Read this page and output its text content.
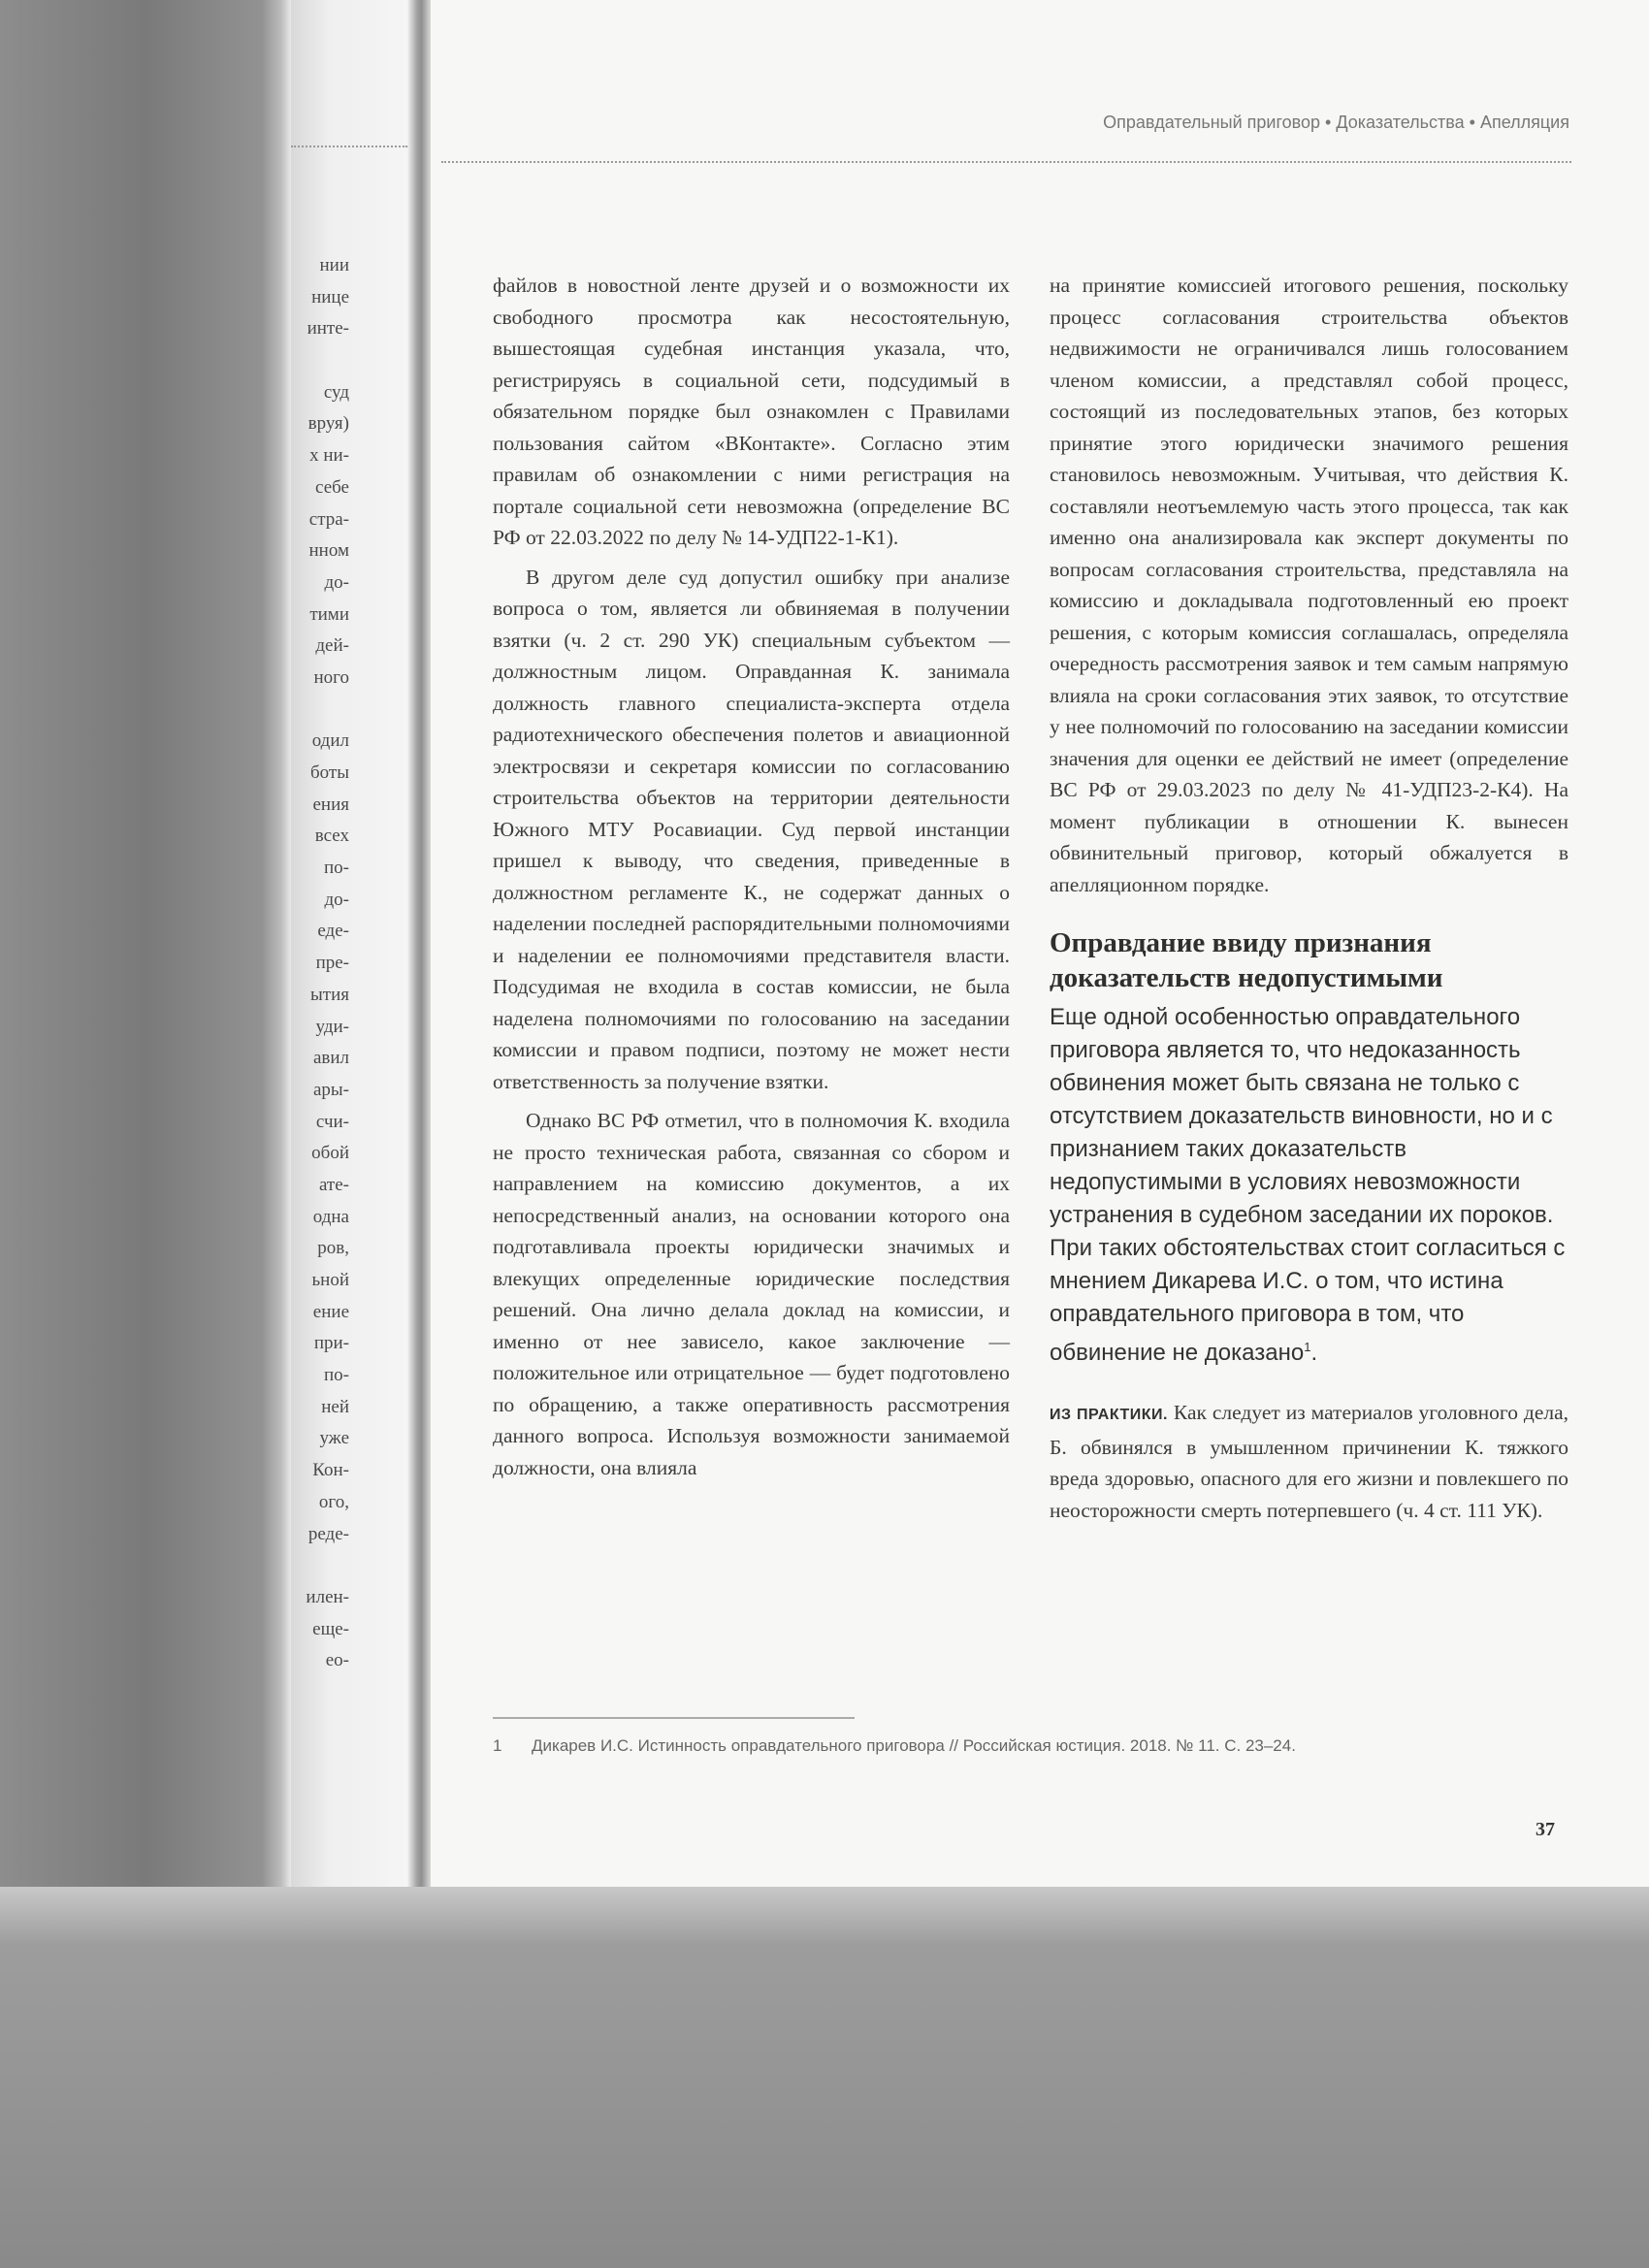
нии
нице
инте-
суд
вруя)
х ни-
себе
стра-
нном
до-
тими
дей-
ного
одил
боты
ения
всех
по-
до-
еде-
пре-
ытия
уди-
авил
ары-
счи-
обой
ате-
одна
ров,
ьной
ение
при-
по-
ней
уже
Кон-
ого,
реде-
илен-
еще-
ео-
Оправдательный приговор • Доказательства • Апелляция

файлов в новостной ленте друзей и о возможности их свободного просмотра как несостоятельную, вышестоящая судебная инстанция указала, что, регистрируясь в социальной сети, подсудимый в обязательном порядке был ознакомлен с Правилами пользования сайтом «ВКонтакте». Согласно этим правилам об ознакомлении с ними регистрация на портале социальной сети невозможна (определение ВС РФ от 22.03.2022 по делу № 14-УДП22-1-К1).

В другом деле суд допустил ошибку при анализе вопроса о том, является ли обвиняемая в получении взятки (ч. 2 ст. 290 УК) специальным субъектом — должностным лицом. Оправданная К. занимала должность главного специалиста-эксперта отдела радиотехнического обеспечения полетов и авиационной электросвязи и секретаря комиссии по согласованию строительства объектов на территории деятельности Южного МТУ Росавиации. Суд первой инстанции пришел к выводу, что сведения, приведенные в должностном регламенте К., не содержат данных о наделении последней распорядительными полномочиями и наделении ее полномочиями представителя власти. Подсудимая не входила в состав комиссии, не была наделена полномочиями по голосованию на заседании комиссии и правом подписи, поэтому не может нести ответственность за получение взятки.

Однако ВС РФ отметил, что в полномочия К. входила не просто техническая работа, связанная со сбором и направлением на комиссию документов, а их непосредственный анализ, на основании которого она подготавливала проекты юридически значимых и влекущих определенные юридические последствия решений. Она лично делала доклад на комиссии, и именно от нее зависело, какое заключение — положительное или отрицательное — будет подготовлено по обращению, а также оперативность рассмотрения данного вопроса. Используя возможности занимаемой должности, она влияла

на принятие комиссией итогового решения, поскольку процесс согласования строительства объектов недвижимости не ограничивался лишь голосованием членом комиссии, а представлял собой процесс, состоящий из последовательных этапов, без которых принятие этого юридически значимого решения становилось невозможным. Учитывая, что действия К. составляли неотъемлемую часть этого процесса, так как именно она анализировала как эксперт документы по вопросам согласования строительства, представляла на комиссию и докладывала подготовленный ею проект решения, с которым комиссия соглашалась, определяла очередность рассмотрения заявок и тем самым напрямую влияла на сроки согласования этих заявок, то отсутствие у нее полномочий по голосованию на заседании комиссии значения для оценки ее действий не имеет (определение ВС РФ от 29.03.2023 по делу № 41-УДП23-2-К4). На момент публикации в отношении К. вынесен обвинительный приговор, который обжалуется в апелляционном порядке.

Оправдание ввиду признания доказательств недопустимыми
Еще одной особенностью оправдательного приговора является то, что недоказанность обвинения может быть связана не только с отсутствием доказательств виновности, но и с признанием таких доказательств недопустимыми в условиях невозможности устранения в судебном заседании их пороков. При таких обстоятельствах стоит согласиться с мнением Дикарева И.С. о том, что истина оправдательного приговора в том, что обвинение не доказано$^1$.
ИЗ ПРАКТИКИ. Как следует из материалов уголовного дела, Б. обвинялся в умышленном причинении К. тяжкого вреда здоровью, опасного для его жизни и повлекшего по неосторожности смерть потерпевшего (ч. 4 ст. 111 УК).
1 Дикарев И.С. Истинность оправдательного приговора // Российская юстиция. 2018. № 11. С. 23–24.
37
